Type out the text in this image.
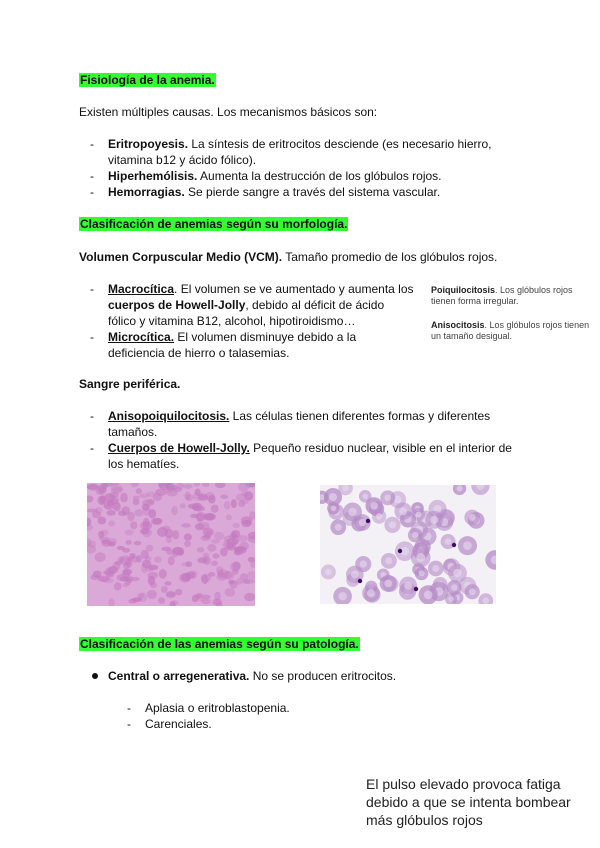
Fisiología de la anemia.
Existen múltiples causas. Los mecanismos básicos son:
- Eritropoyesis. La síntesis de eritrocitos desciende (es necesario hierro,
vitamina b12 y ácido fólico).
- Hiperhemólisis. Aumenta la destrucción de los glóbulos rojos.
- Hemorragias. Se pierde sangre a través del sistema vascular.
Clasificación de anemias según su morfología.
Volumen Corpuscular Medio (VCM). Tamaño promedio de los glóbulos rojos.
- Macrocítica. El volumen se ve aumentado y aumenta los
cuerpos de Howell-Jolly, debido al déficit de ácido
fólico y vitamina B12, alcohol, hipotiroidismo…
- Microcítica. El volumen disminuye debido a la
deficiencia de hierro o talasemias.
Poiquilocitosis. Los glóbulos rojos
tienen forma irregular.
Anisocitosis. Los glóbulos rojos tienen
un tamaño desigual.
Sangre periférica.
- Anisopoiquilocitosis. Las células tienen diferentes formas y diferentes
tamaños.
- Cuerpos de Howell-Jolly. Pequeño residuo nuclear, visible en el interior de
los hematíes.
Clasificación de las anemias según su patología.
Central o arregenerativa. No se producen eritrocitos.
- Aplasia o eritroblastopenia.
- Carenciales.
El pulso elevado provoca fatiga
debido a que se intenta bombear
más glóbulos rojos
